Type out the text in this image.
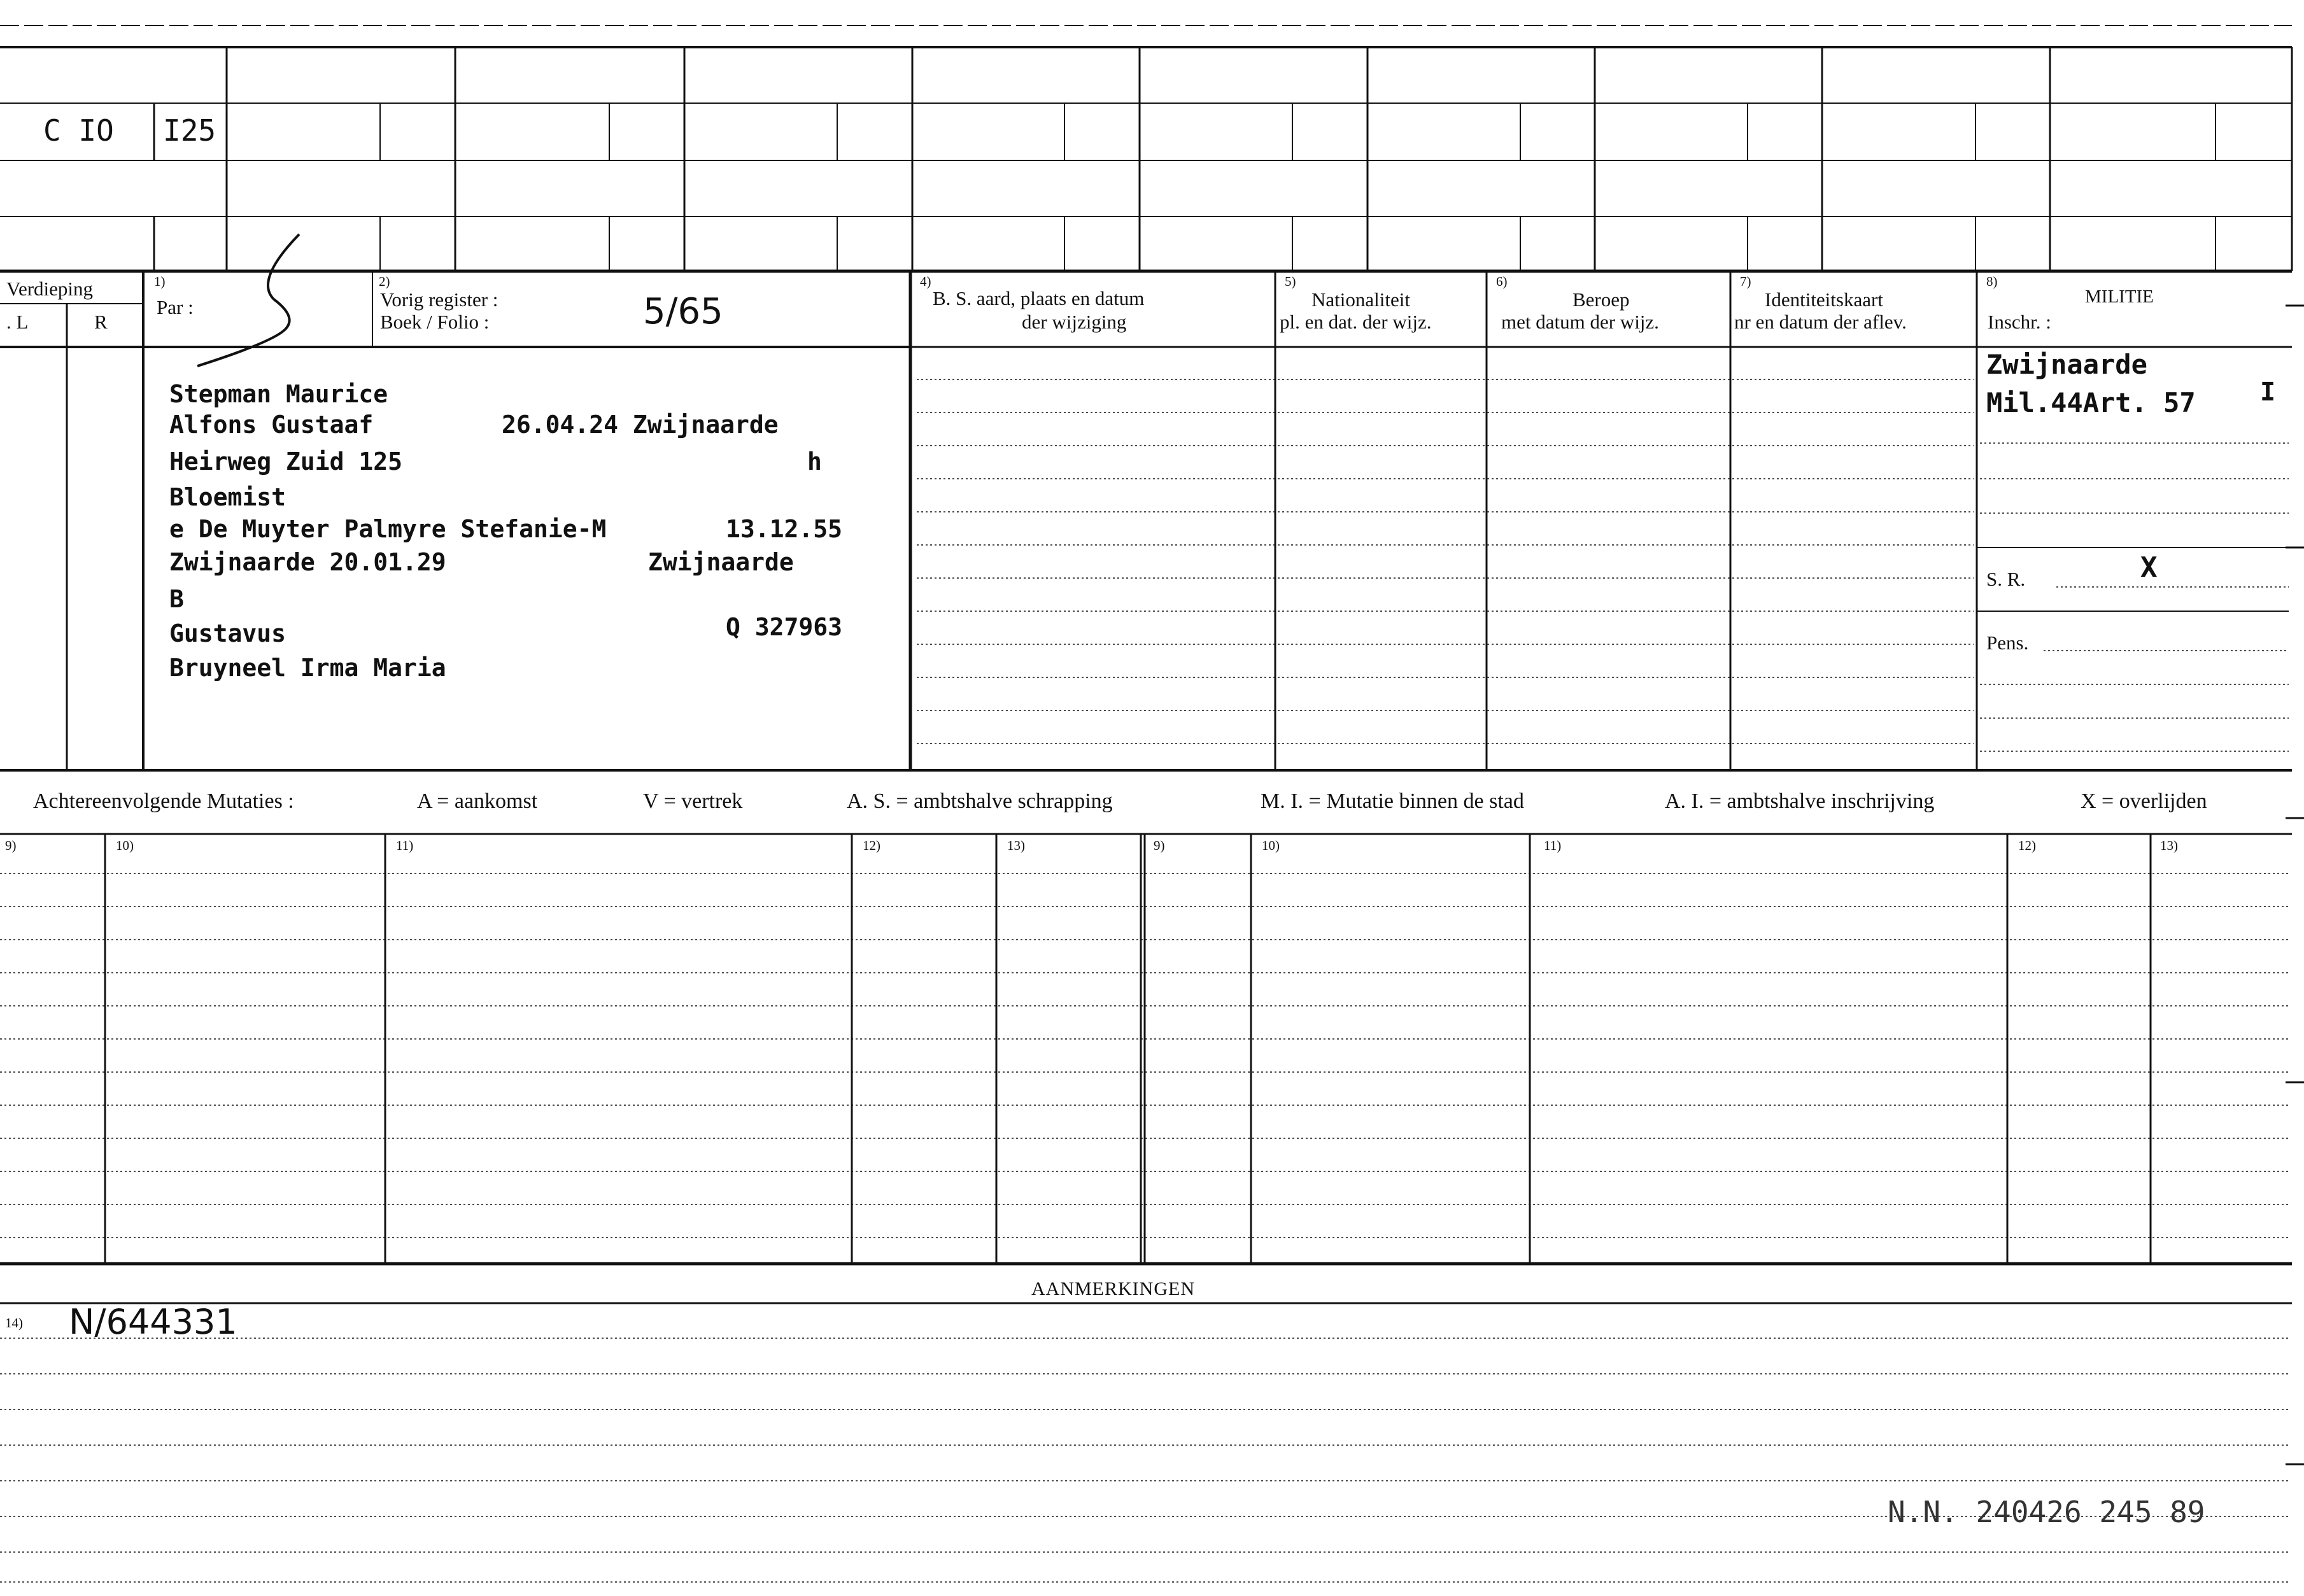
C IO I25
Verdieping
. L	R
1)
Par :
2)
Vorig register :
Boek / Folio :	5/65
4)
B. S. aard, plaats en datum
der wijziging
5)
Nationaliteit
pl. en dat. der wijz.
6)
Beroep
met datum der wijz.
7)
Identiteitskaart
nr en datum der aflev.
8)
MILITIE
Inschr. :
Stepman Maurice
Alfons Gustaaf	26.04.24 Zwijnaarde
Heirweg Zuid 125	h
Bloemist
e De Muyter Palmyre Stefanie-M	13.12.55
Zwijnaarde 20.01.29	Zwijnaarde
B
Gustavus	Q 327963
Bruyneel Irma Maria
Zwijnaarde
Mil.44Art. 57	I
S. R.	X
Pens.
Achtereenvolgende Mutaties :	A = aankomst	V = vertrek	A. S. = ambtshalve schrapping	M. I. = Mutatie binnen de stad	A. I. = ambtshalve inschrijving	X = overlijden
9)	10)	11)	12)	13)	9)	10)	11)	12)	13)
AANMERKINGEN
14) N/644331
N.N. 240426 245 89
